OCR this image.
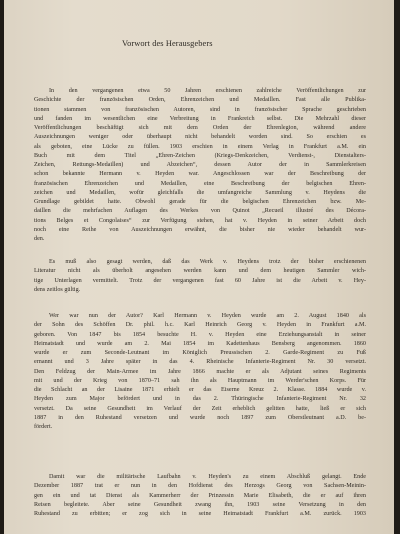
Vorwort des Herausgebers
In den vergangenen etwa 50 Jahren erschienen zahlreiche Veröffentlichungen zur
Geschichte der französischen Orden, Ehrenzeichen und Medaillen. Fast alle Publika-
tionen stammen von französischen Autoren, sind in französischer Sprache geschrieben
und fanden im wesentlichen eine Verbreitung in Frankreich selbst. Die Mehrzahl dieser
Veröffentlichungen beschäftigt sich mit dem Orden der Ehrenlegion, während andere
Auszeichnungen weniger oder überhaupt nicht behandelt worden sind. So erschien es
als geboten, eine Lücke zu füllen. 1903 erschien in einem Verlag in Frankfurt a.M. ein
Buch mit dem Titel „Ehren-Zeichen (Kriegs-Denkzeichen, Verdienst-, Dienstalters-
Zeichen, Rettungs-Medaillen) und Abzeichen“, dessen Autor der in Sammlerkreisen
schon bekannte Hermann v. Heyden war. Angeschlossen war der Beschreibung der
französischen Ehrenzeichen und Medaillen, eine Beschreibung der belgischen Ehren-
zeichen und Medaillen, wofür gleichfalls die umfangreiche Sammlung v. Heydens die
Grundlage gebildet hatte. Obwohl gerade für die belgischen Ehrenzeichen bzw. Me-
daillen die mehrfachen Auflagen des Werkes von Quinot „Recueil illustré des Décora-
tions Belges et Congolaises“ zur Verfügung stehen, hat v. Heyden in seiner Arbeit doch
noch eine Reihe von Auszeichnungen erwähnt, die bisher nie wieder behandelt wur-
den.
Es muß also gesagt werden, daß das Werk v. Heydens trotz der bisher erschienenen
Literatur nicht als überholt angesehen werden kann und dem heutigen Sammler wich-
tige Unterlagen vermittelt. Trotz der vergangenen fast 60 Jahre ist die Arbeit v. Hey-
dens zeitlos gültig.
Wer war nun der Autor? Karl Hermann v. Heyden wurde am 2. August 1840 als
der Sohn des Schöffen Dr. phil. h.c. Karl Heinrich Georg v. Heyden in Frankfurt a.M.
geboren. Von 1847 bis 1854 besuchte H. v. Heyden eine Erziehungsanstalt in seiner
Heimatstadt und wurde am 2. Mai 1854 im Kadettenhaus Bensberg angenommen. 1860
wurde er zum Seconde-Leutnant im Königlich Preussischen 2. Garde-Regiment zu Fuß
ernannt und 3 Jahre später in das 4. Rheinische Infanterie-Regiment Nr. 30 versetzt.
Den Feldzug der Main-Armee im Jahre 1866 machte er als Adjutant seines Regiments
mit und der Krieg von 1870–71 sah ihn als Hauptmann im Werder'schen Korps. Für
die Schlacht an der Lisaine 1871 erhielt er das Eiserne Kreuz 2. Klasse. 1884 wurde v.
Heyden zum Major befördert und in das 2. Thüringische Infanterie-Regiment Nr. 32
versetzt. Da seine Gesundheit im Verlauf der Zeit erheblich gelitten hatte, ließ er sich
1887 in den Ruhestand versetzen und wurde noch 1897 zum Oberstleutnant a.D. be-
fördert.
Damit war die militärische Laufbahn v. Heyden's zu einem Abschluß gelangt. Ende
Dezember 1887 trat er nun in den Hofdienst des Herzogs Georg von Sachsen-Meinin-
gen ein und tat Dienst als Kammerherr der Prinzessin Marie Elisabeth, die er auf ihren
Reisen begleitete. Aber seine Gesundheit zwang ihn, 1903 seine Versetzung in den
Ruhestand zu erbitten; er zog sich in seine Heimatstadt Frankfurt a.M. zurück. 1903
